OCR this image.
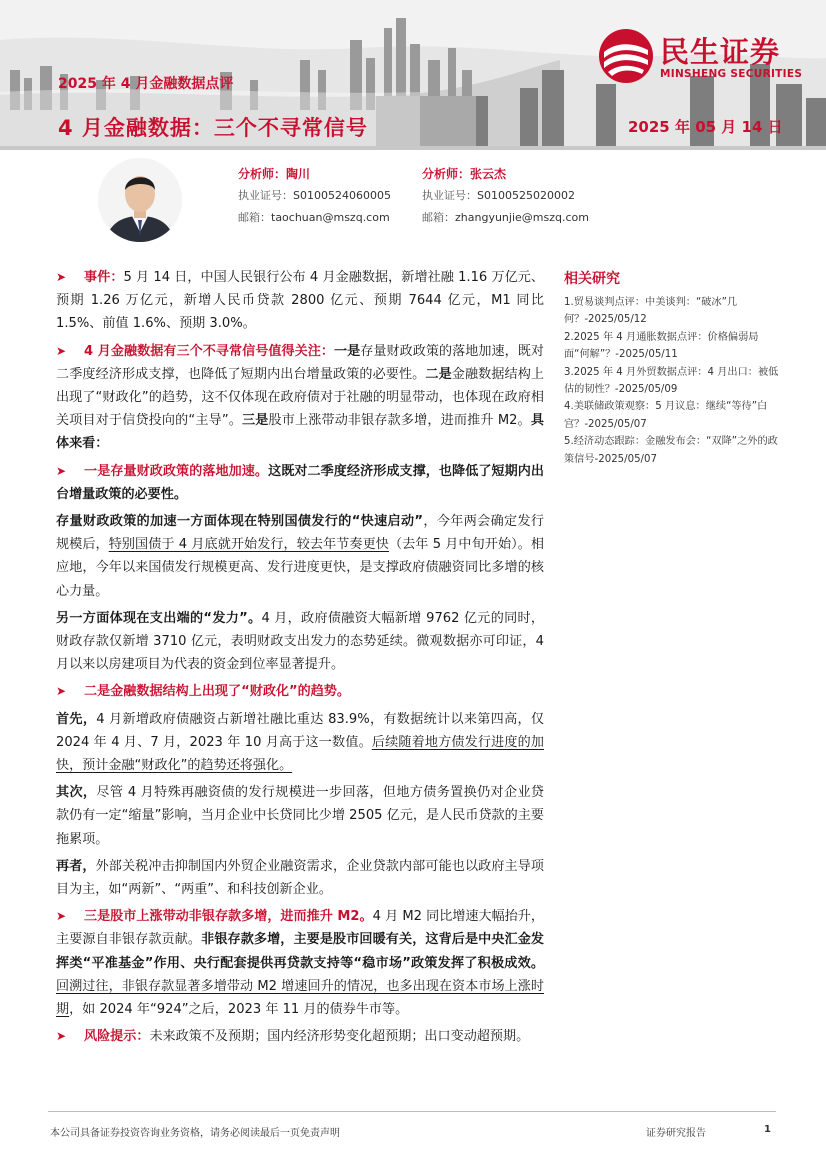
2025 年 4 月金融数据点评
4 月金融数据：三个不寻常信号	2025 年 05 月 14 日
民生证券
MINSHENG SECURITIES
分析师：陶川
执业证号： S0100524060005
邮箱： taochuan@mszq.com
分析师：张云杰
执业证号： S0100525020002
邮箱： zhangyunjie@mszq.com

➤ 事件：5 月 14 日，中国人民银行公布 4 月金融数据，新增社融 1.16 万亿元、预期 1.26 万亿元，新增人民币贷款 2800 亿元、预期 7644 亿元，M1 同比 1.5%、前值 1.6%、预期 3.0%。

➤ 4 月金融数据有三个不寻常信号值得关注：一是存量财政政策的落地加速，既对二季度经济形成支撑，也降低了短期内出台增量政策的必要性。二是金融数据结构上出现了“财政化”的趋势，这不仅体现在政府债对于社融的明显带动，也体现在政府相关项目对于信贷投向的“主导”。三是股市上涨带动非银存款多增，进而推升 M2。具体来看：

➤ 一是存量财政政策的落地加速。这既对二季度经济形成支撑，也降低了短期内出台增量政策的必要性。

存量财政政策的加速一方面体现在特别国债发行的“快速启动”，今年两会确定发行规模后，特别国债于 4 月底就开始发行，较去年节奏更快（去年 5 月中旬开始）。相应地，今年以来国债发行规模更高、发行进度更快，是支撑政府债融资同比多增的核心力量。

另一方面体现在支出端的“发力”。4 月，政府债融资大幅新增 9762 亿元的同时，财政存款仅新增 3710 亿元，表明财政支出发力的态势延续。微观数据亦可印证，4 月以来以房建项目为代表的资金到位率显著提升。

➤ 二是金融数据结构上出现了“财政化”的趋势。

首先，4 月新增政府债融资占新增社融比重达 83.9%，有数据统计以来第四高，仅 2024 年 4 月、7 月，2023 年 10 月高于这一数值。后续随着地方债发行进度的加快，预计金融“财政化”的趋势还将强化。

其次，尽管 4 月特殊再融资债的发行规模进一步回落，但地方债务置换仍对企业贷款仍有一定“缩量”影响，当月企业中长贷同比少增 2505 亿元，是人民币贷款的主要拖累项。

再者，外部关税冲击抑制国内外贸企业融资需求，企业贷款内部可能也以政府主导项目为主，如“两新”、“两重”、和科技创新企业。

➤ 三是股市上涨带动非银存款多增，进而推升 M2。4 月 M2 同比增速大幅抬升，主要源自非银存款贡献。非银存款多增，主要是股市回暖有关，这背后是中央汇金发挥类“平准基金”作用、央行配套提供再贷款支持等“稳市场”政策发挥了积极成效。回溯过往，非银存款显著多增带动 M2 增速回升的情况，也多出现在资本市场上涨时期，如 2024 年“924”之后，2023 年 11 月的债券牛市等。

➤ 风险提示：未来政策不及预期；国内经济形势变化超预期；出口变动超预期。

相关研究
1.贸易谈判点评：中美谈判：“破冰”几何？-2025/05/12
2.2025 年 4 月通胀数据点评：价格偏弱局面“何解”？-2025/05/11
3.2025 年 4 月外贸数据点评：4 月出口：被低估的韧性？-2025/05/09
4.美联储政策观察：5 月议息：继续“等待”白宫？-2025/05/07
5.经济动态跟踪：金融发布会：“双降”之外的政策信号-2025/05/07
本公司具备证券投资咨询业务资格，请务必阅读最后一页免责声明	证券研究报告	1
